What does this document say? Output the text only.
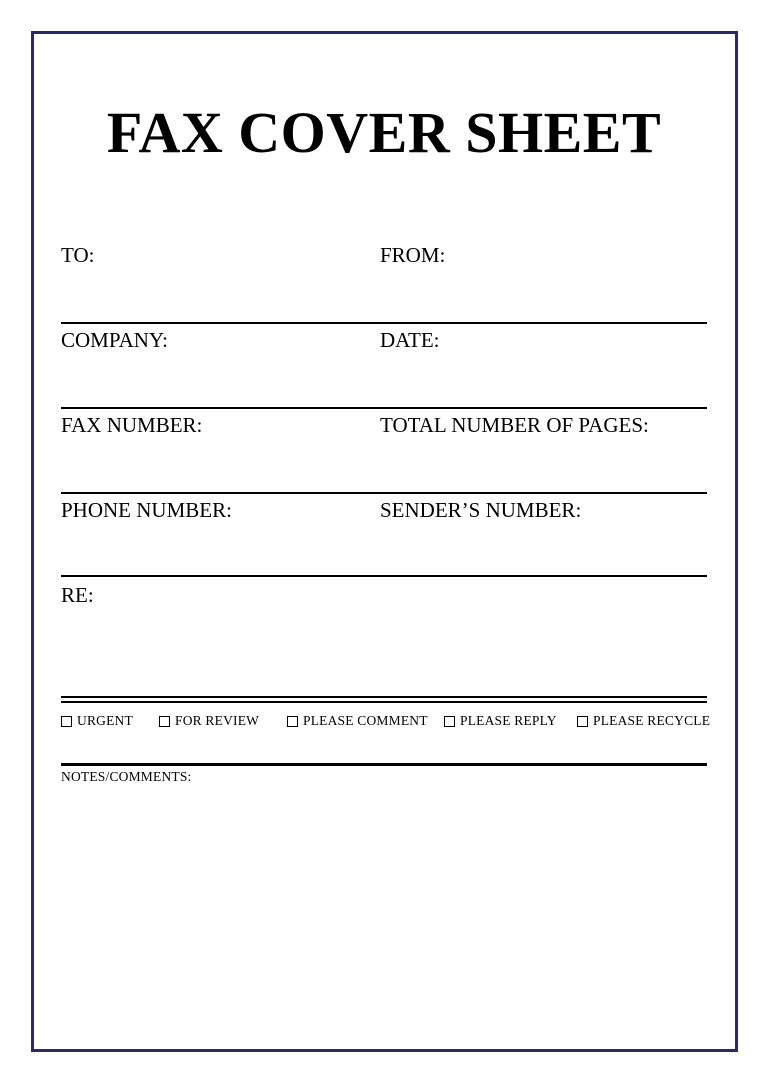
FAX COVER SHEET
TO:	FROM:
COMPANY:	DATE:
FAX NUMBER:	TOTAL NUMBER OF PAGES:
PHONE NUMBER:	SENDER’S NUMBER:
RE:
URGENT	FOR REVIEW	PLEASE COMMENT PLEASE REPLY	PLEASE RECYCLE
NOTES/COMMENTS:
